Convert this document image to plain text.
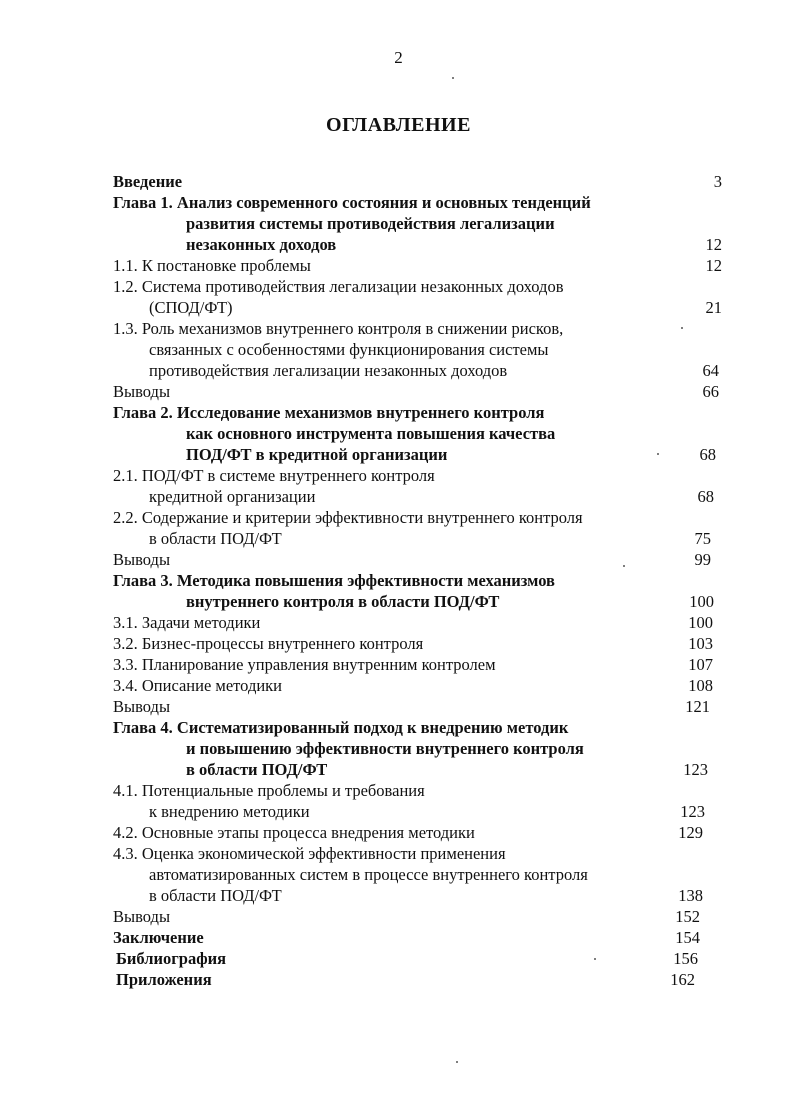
2
ОГЛАВЛЕНИЕ
Введение	3
Глава 1. Анализ современного состояния и основных тенденций
развития системы противодействия легализации
незаконных доходов	12
1.1. К постановке проблемы	12
1.2. Система противодействия легализации незаконных доходов
(СПОД/ФТ)	21
1.3. Роль механизмов внутреннего контроля в снижении рисков,
связанных с особенностями функционирования системы
противодействия легализации незаконных доходов	64
Выводы	66
Глава 2. Исследование механизмов внутреннего контроля
как основного инструмента повышения качества
ПОД/ФТ в кредитной организации	68
2.1. ПОД/ФТ в системе внутреннего контроля
кредитной организации	68
2.2. Содержание и критерии эффективности внутреннего контроля
в области ПОД/ФТ	75
Выводы	99
Глава 3. Методика повышения эффективности механизмов
внутреннего контроля в области ПОД/ФТ	100
3.1. Задачи методики	100
3.2. Бизнес-процессы внутреннего контроля	103
3.3. Планирование управления внутренним контролем	107
3.4. Описание методики	108
Выводы	121
Глава 4. Систематизированный подход к внедрению методик
и повышению эффективности внутреннего контроля
в области ПОД/ФТ	123
4.1. Потенциальные проблемы и требования
к внедрению методики	123
4.2. Основные этапы процесса внедрения методики	129
4.3. Оценка экономической эффективности применения
автоматизированных систем в процессе внутреннего контроля
в области ПОД/ФТ	138
Выводы	152
Заключение	154
Библиография	156
Приложения	162
